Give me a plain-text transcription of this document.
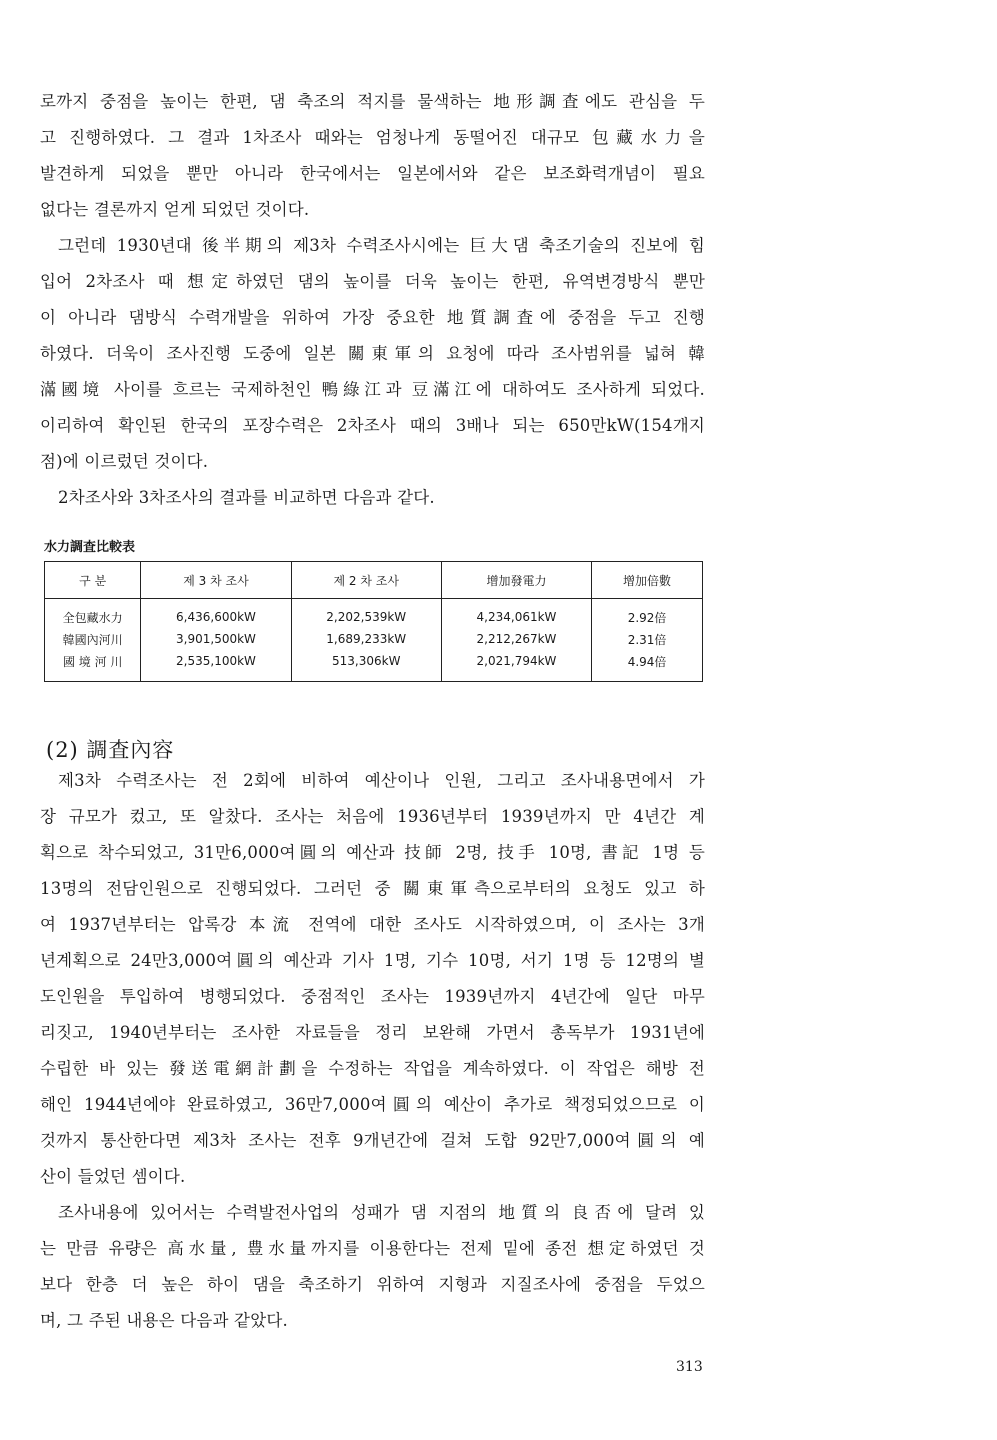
로까지 중점을 높이는 한편, 댐 축조의 적지를 물색하는 地形調査에도 관심을 두
고 진행하였다. 그 결과 1차조사 때와는 엄청나게 동떨어진 대규모 包藏水力을
발견하게 되었을 뿐만 아니라 한국에서는 일본에서와 같은 보조화력개념이 필요
없다는 결론까지 얻게 되었던 것이다.
그런데 1930년대 後半期의 제3차 수력조사시에는 巨大댐 축조기술의 진보에 힘
입어 2차조사 때 想定하였던 댐의 높이를 더욱 높이는 한편, 유역변경방식 뿐만
이 아니라 댐방식 수력개발을 위하여 가장 중요한 地質調査에 중점을 두고 진행
하였다. 더욱이 조사진행 도중에 일본 關東軍의 요청에 따라 조사범위를 넓혀 韓
滿國境 사이를 흐르는 국제하천인 鴨綠江과 豆滿江에 대하여도 조사하게 되었다.
이리하여 확인된 한국의 포장수력은 2차조사 때의 3배나 되는 650만kW(154개지
점)에 이르렀던 것이다.
2차조사와 3차조사의 결과를 비교하면 다음과 같다.
水力調査比較表
구 분	제 3 차 조사	제 2 차 조사	增加發電力	增加倍數
全包藏水力	6,436,600kW	2,202,539kW	4,234,061kW	2.92倍
韓國內河川	3,901,500kW	1,689,233kW	2,212,267kW	2.31倍
國 境 河 川	2,535,100kW	513,306kW	2,021,794kW	4.94倍
(2) 調査內容
제3차 수력조사는 전 2회에 비하여 예산이나 인원, 그리고 조사내용면에서 가
장 규모가 컸고, 또 알찼다. 조사는 처음에 1936년부터 1939년까지 만 4년간 계
획으로 착수되었고, 31만6,000여圓의 예산과 技師 2명, 技手 10명, 書記 1명 등
13명의 전담인원으로 진행되었다. 그러던 중 關東軍측으로부터의 요청도 있고 하
여 1937년부터는 압록강 本流 전역에 대한 조사도 시작하였으며, 이 조사는 3개
년계획으로 24만3,000여圓의 예산과 기사 1명, 기수 10명, 서기 1명 등 12명의 별
도인원을 투입하여 병행되었다. 중점적인 조사는 1939년까지 4년간에 일단 마무
리짓고, 1940년부터는 조사한 자료들을 정리 보완해 가면서 총독부가 1931년에
수립한 바 있는 發送電網計劃을 수정하는 작업을 계속하였다. 이 작업은 해방 전
해인 1944년에야 완료하였고, 36만7,000여圓의 예산이 추가로 책정되었으므로 이
것까지 통산한다면 제3차 조사는 전후 9개년간에 걸쳐 도합 92만7,000여圓의 예
산이 들었던 셈이다.
조사내용에 있어서는 수력발전사업의 성패가 댐 지점의 地質의 良否에 달려 있
는 만큼 유량은 高水量, 豊水量까지를 이용한다는 전제 밑에 종전 想定하였던 것
보다 한층 더 높은 하이 댐을 축조하기 위하여 지형과 지질조사에 중점을 두었으
며, 그 주된 내용은 다음과 같았다.
313
